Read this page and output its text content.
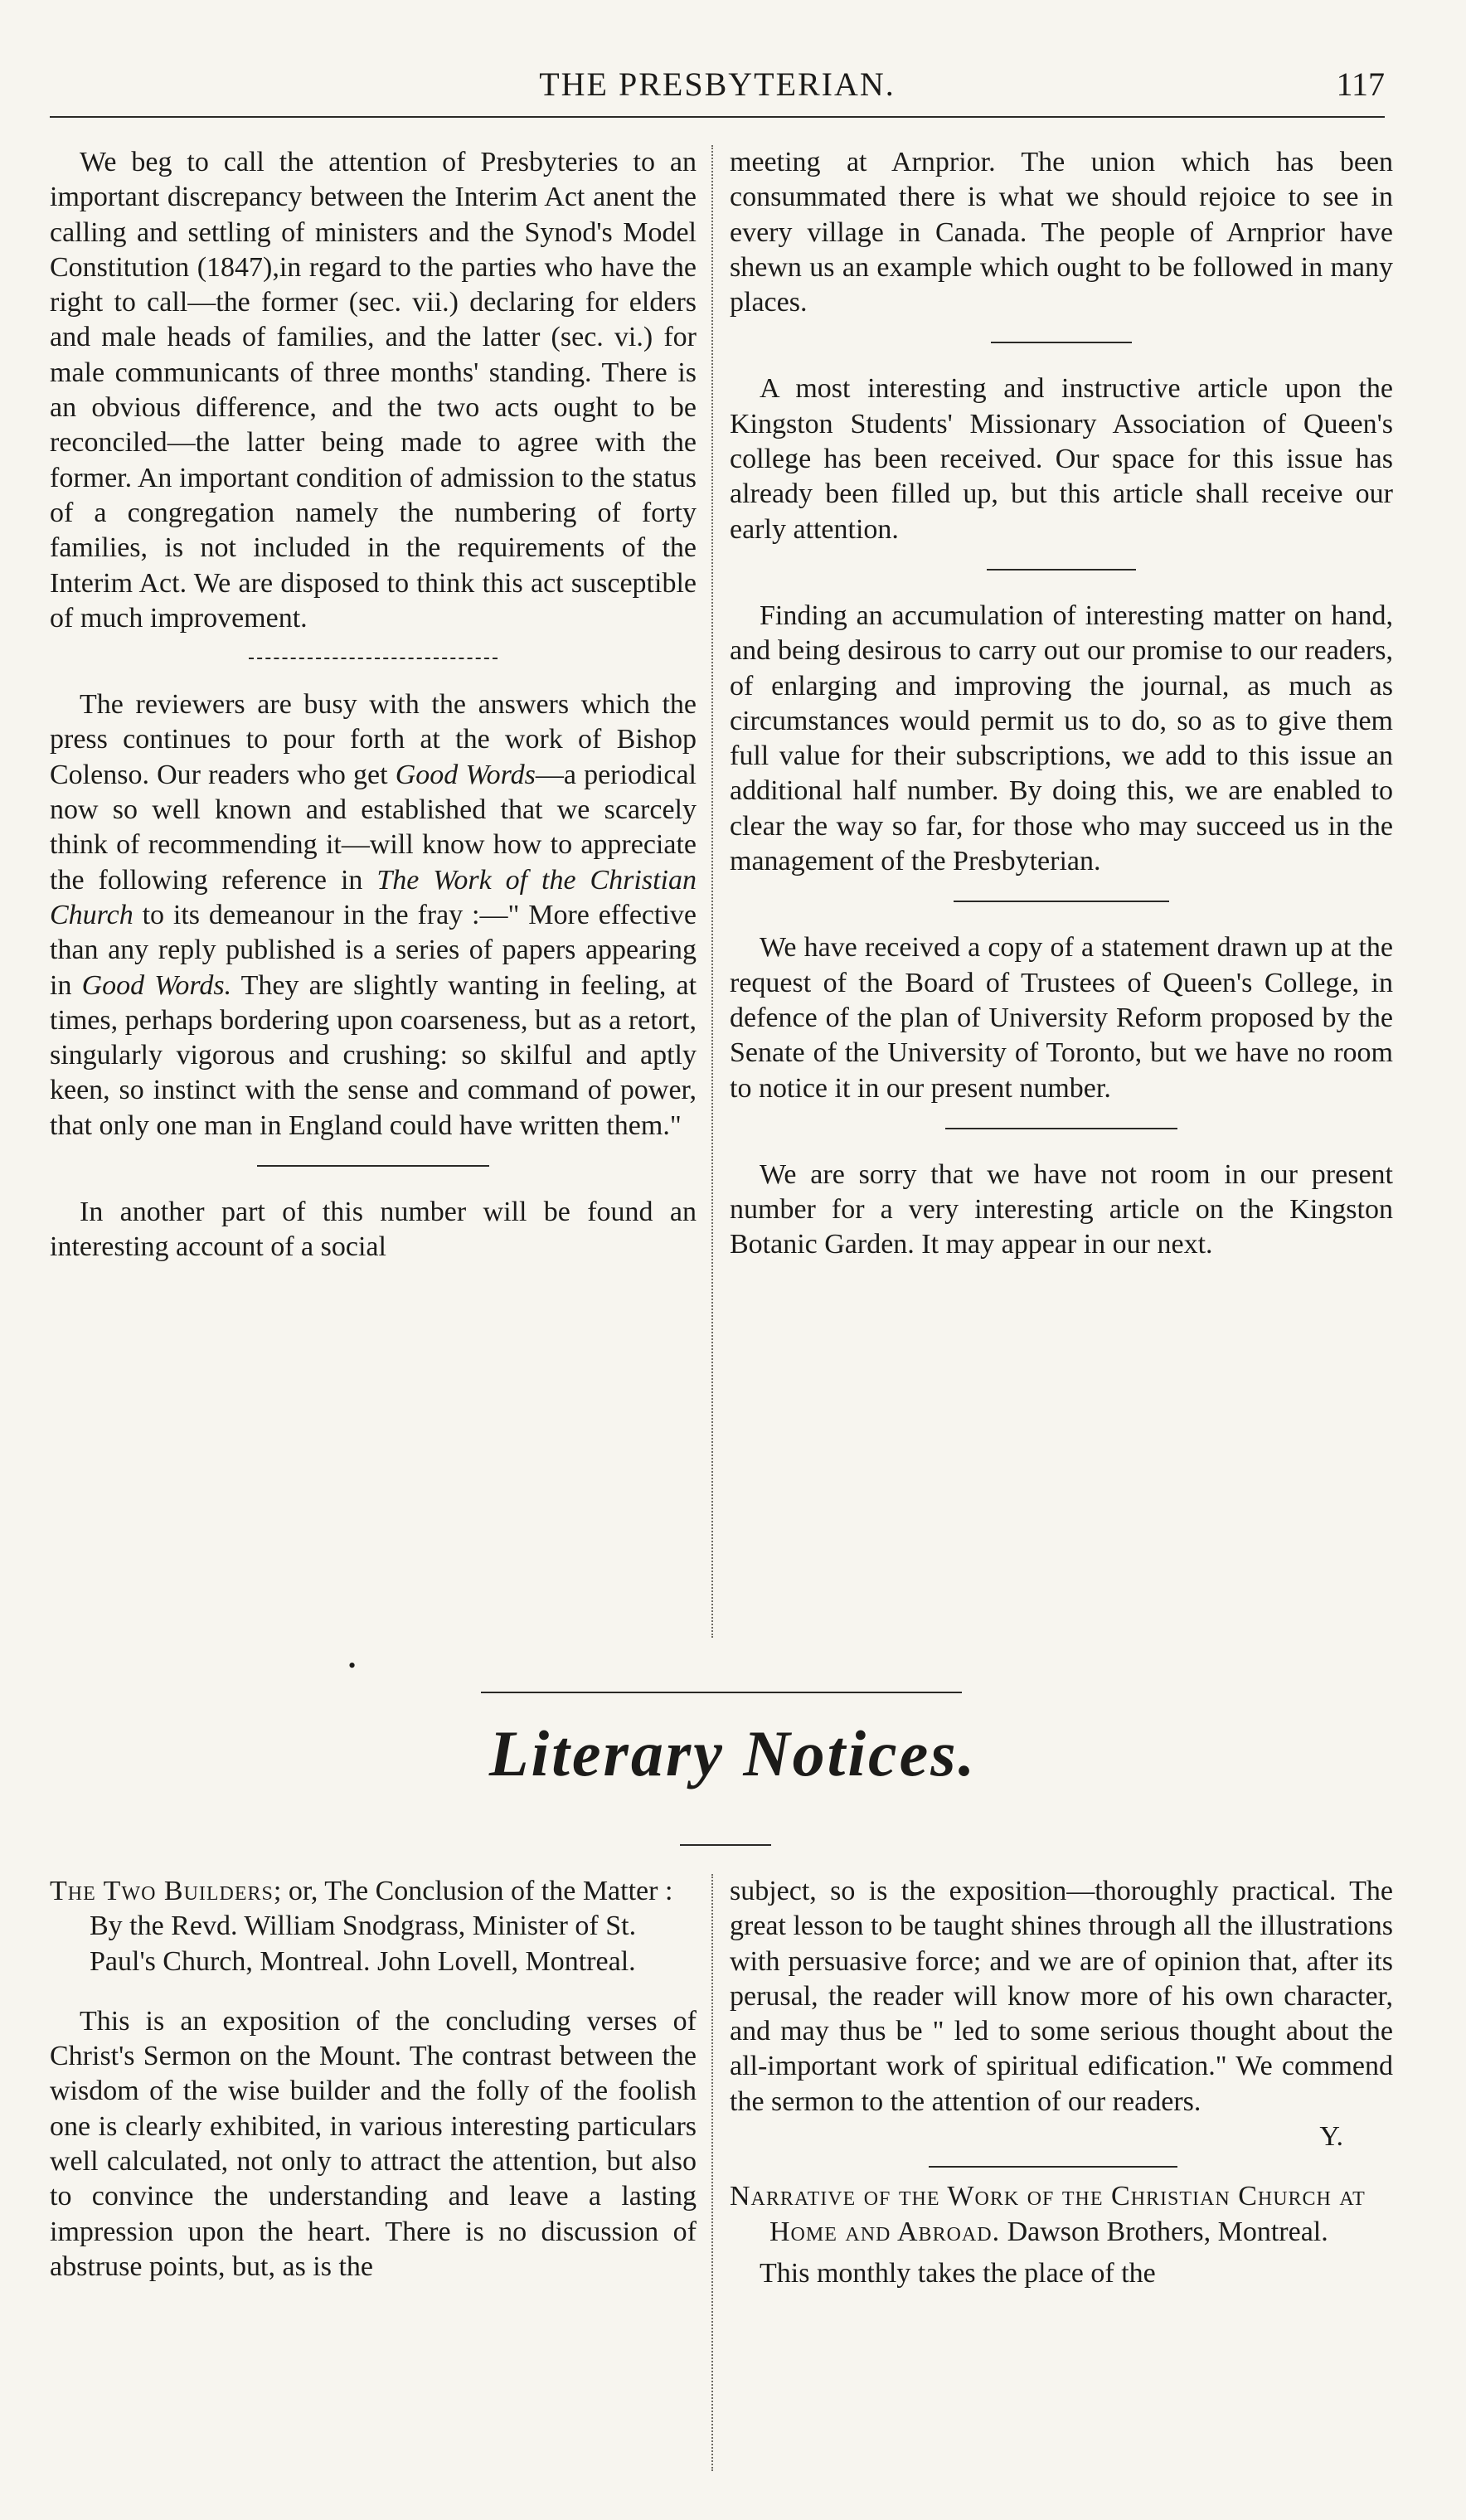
THE PRESBYTERIAN.	117

We beg to call the attention of Presbyteries to an important discrepancy between the Interim Act anent the calling and settling of ministers and the Synod's Model Constitution (1847),in regard to the parties who have the right to call—the former (sec. vii.) declaring for elders and male heads of families, and the latter (sec. vi.) for male communicants of three months' standing. There is an obvious difference, and the two acts ought to be reconciled—the latter being made to agree with the former. An important condition of admission to the status of a congregation namely the numbering of forty families, is not included in the requirements of the Interim Act. We are disposed to think this act susceptible of much improvement.

The reviewers are busy with the answers which the press continues to pour forth at the work of Bishop Colenso. Our readers who get Good Words—a periodical now so well known and established that we scarcely think of recommending it—will know how to appreciate the following reference in The Work of the Christian Church to its demeanour in the fray :—" More effective than any reply published is a series of papers appearing in Good Words. They are slightly wanting in feeling, at times, perhaps bordering upon coarseness, but as a retort, singularly vigorous and crushing: so skilful and aptly keen, so instinct with the sense and command of power, that only one man in England could have written them."

In another part of this number will be found an interesting account of a social

meeting at Arnprior. The union which has been consummated there is what we should rejoice to see in every village in Canada. The people of Arnprior have shewn us an example which ought to be followed in many places.

A most interesting and instructive article upon the Kingston Students' Missionary Association of Queen's college has been received. Our space for this issue has already been filled up, but this article shall receive our early attention.

Finding an accumulation of interesting matter on hand, and being desirous to carry out our promise to our readers, of enlarging and improving the journal, as much as circumstances would permit us to do, so as to give them full value for their subscriptions, we add to this issue an additional half number. By doing this, we are enabled to clear the way so far, for those who may succeed us in the management of the Presbyterian.

We have received a copy of a statement drawn up at the request of the Board of Trustees of Queen's College, in defence of the plan of University Reform proposed by the Senate of the University of Toronto, but we have no room to notice it in our present number.

We are sorry that we have not room in our present number for a very interesting article on the Kingston Botanic Garden. It may appear in our next.

•
Literary Notices.

The Two Builders; or, The Conclusion of the Matter : By the Revd. William Snodgrass, Minister of St. Paul's Church, Montreal. John Lovell, Montreal.

This is an exposition of the concluding verses of Christ's Sermon on the Mount. The contrast between the wisdom of the wise builder and the folly of the foolish one is clearly exhibited, in various interesting particulars well calculated, not only to attract the attention, but also to convince the understanding and leave a lasting impression upon the heart. There is no discussion of abstruse points, but, as is the

subject, so is the exposition—thoroughly practical. The great lesson to be taught shines through all the illustrations with persuasive force; and we are of opinion that, after its perusal, the reader will know more of his own character, and may thus be " led to some serious thought about the all-important work of spiritual edification." We commend the sermon to the attention of our readers.

Y.

Narrative of the Work of the Christian Church at Home and Abroad. Dawson Brothers, Montreal.

This monthly takes the place of the
